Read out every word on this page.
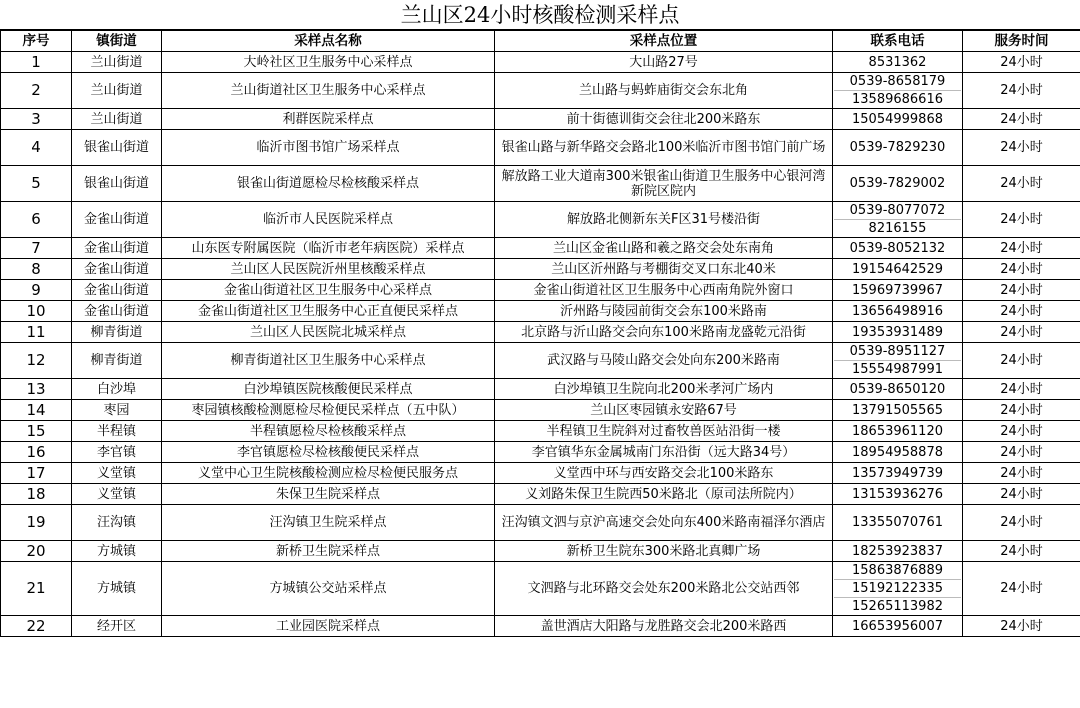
兰山区24小时核酸检测采样点
序号	镇街道	采样点名称	采样点位置	联系电话	服务时间
1	兰山街道	大岭社区卫生服务中心采样点	大山路27号	8531362	24小时
2	兰山街道	兰山街道社区卫生服务中心采样点	兰山路与蚂蚱庙街交会东北角	0539-8658179
13589686616	24小时
3	兰山街道	利群医院采样点	前十街德训街交会往北200米路东	15054999868	24小时
4	银雀山街道	临沂市图书馆广场采样点	银雀山路与新华路交会路北100米临沂市图书馆门前广场	0539-7829230	24小时
5	银雀山街道	银雀山街道愿检尽检核酸采样点	解放路工业大道南300米银雀山街道卫生服务中心银河湾新院区院内	0539-7829002	24小时
6	金雀山街道	临沂市人民医院采样点	解放路北侧新东关F区31号楼沿街	0539-8077072
8216155	24小时
7	金雀山街道	山东医专附属医院（临沂市老年病医院）采样点	兰山区金雀山路和羲之路交会处东南角	0539-8052132	24小时
8	金雀山街道	兰山区人民医院沂州里核酸采样点	兰山区沂州路与考棚街交叉口东北40米	19154642529	24小时
9	金雀山街道	金雀山街道社区卫生服务中心采样点	金雀山街道社区卫生服务中心西南角院外窗口	15969739967	24小时
10	金雀山街道	金雀山街道社区卫生服务中心正直便民采样点	沂州路与陵园前街交会东100米路南	13656498916	24小时
11	柳青街道	兰山区人民医院北城采样点	北京路与沂山路交会向东100米路南龙盛乾元沿街	19353931489	24小时
12	柳青街道	柳青街道社区卫生服务中心采样点	武汉路与马陵山路交会处向东200米路南	0539-8951127
15554987991	24小时
13	白沙埠	白沙埠镇医院核酸便民采样点	白沙埠镇卫生院向北200米孝河广场内	0539-8650120	24小时
14	枣园	枣园镇核酸检测愿检尽检便民采样点（五中队）	兰山区枣园镇永安路67号	13791505565	24小时
15	半程镇	半程镇愿检尽检核酸采样点	半程镇卫生院斜对过畜牧兽医站沿街一楼	18653961120	24小时
16	李官镇	李官镇愿检尽检核酸便民采样点	李官镇华东金属城南门东沿街（远大路34号）	18954958878	24小时
17	义堂镇	义堂中心卫生院核酸检测应检尽检便民服务点	义堂西中环与西安路交会北100米路东	13573949739	24小时
18	义堂镇	朱保卫生院采样点	义刘路朱保卫生院西50米路北（原司法所院内）	13153936276	24小时
19	汪沟镇	汪沟镇卫生院采样点	汪沟镇文泗与京沪高速交会处向东400米路南福泽尔酒店	13355070761	24小时
20	方城镇	新桥卫生院采样点	新桥卫生院东300米路北真卿广场	18253923837	24小时
21	方城镇	方城镇公交站采样点	文泗路与北环路交会处东200米路北公交站西邻	15863876889
15192122335
15265113982	24小时
22	经开区	工业园医院采样点	盖世酒店大阳路与龙胜路交会北200米路西	16653956007	24小时
